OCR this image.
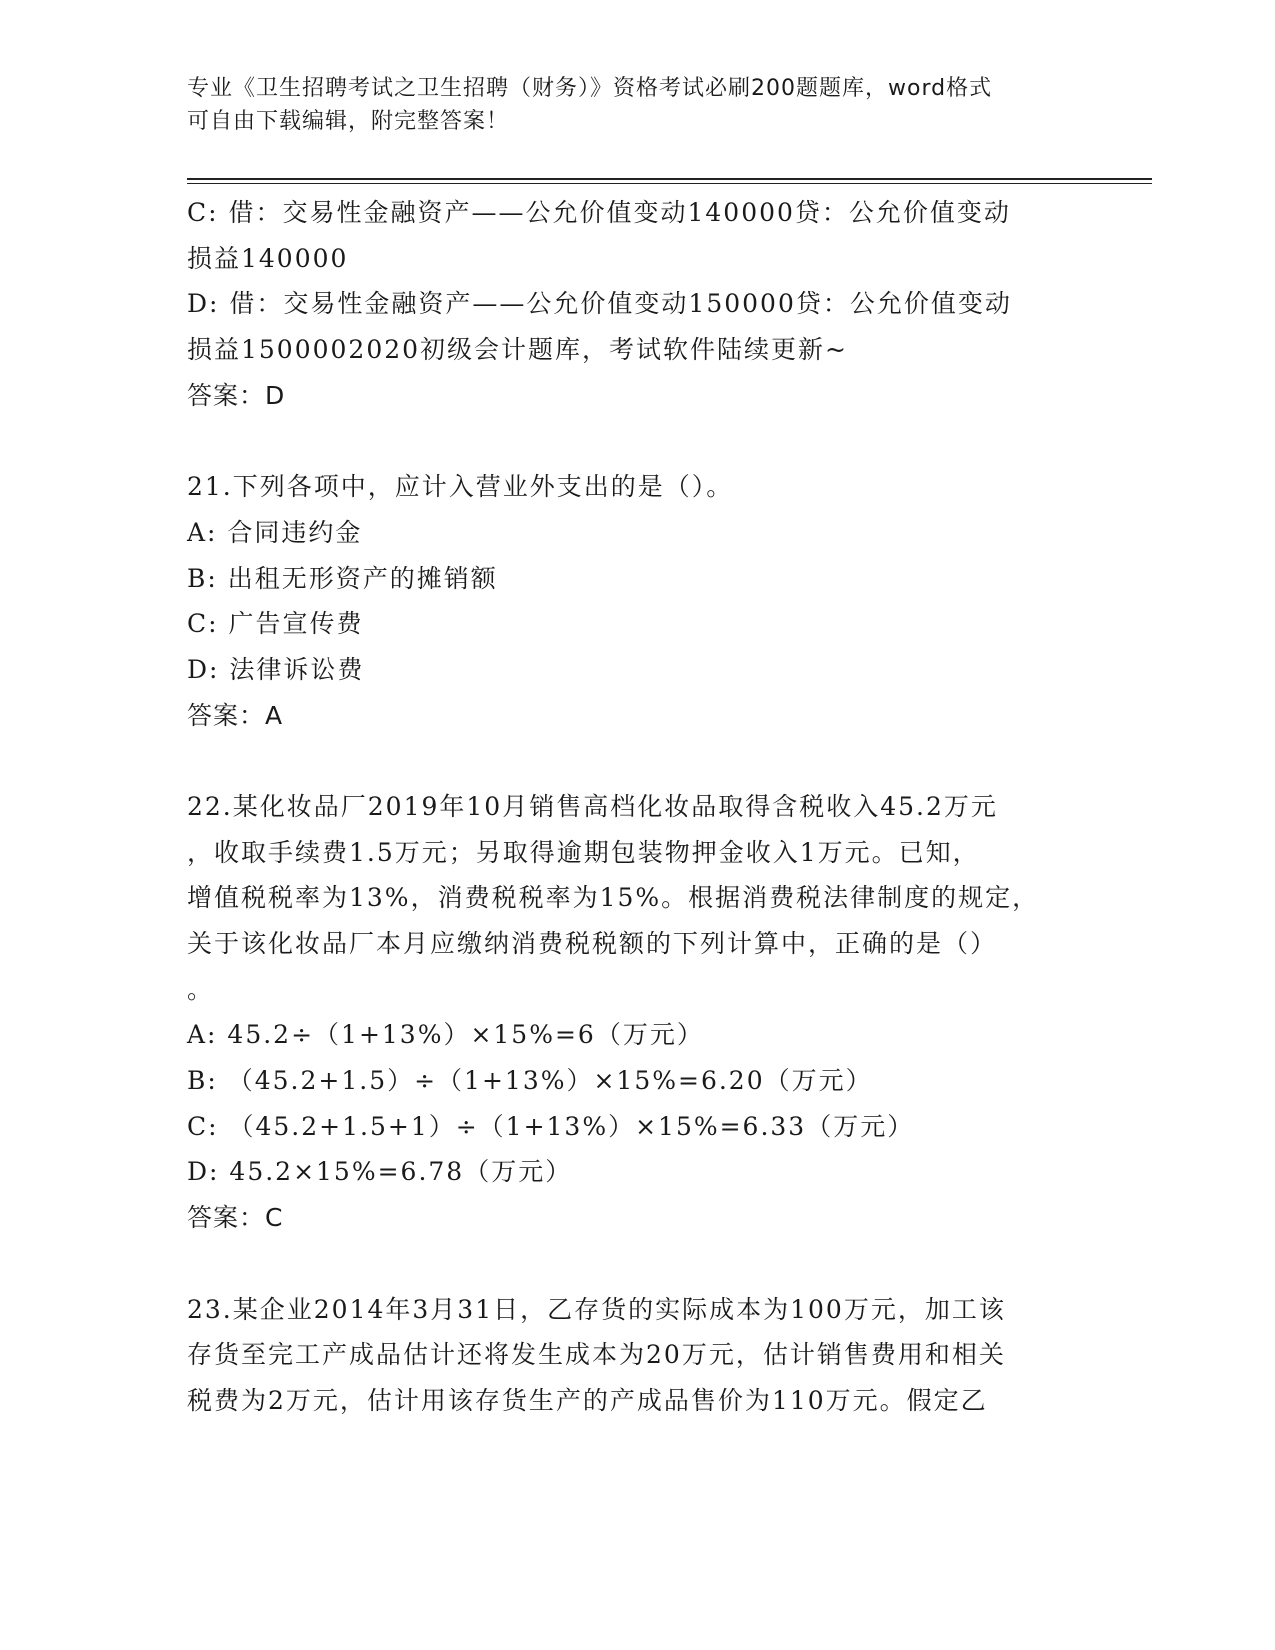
专业《卫生招聘考试之卫生招聘（财务）》资格考试必刷200题题库，word格式
可自由下载编辑，附完整答案！
C: 借：交易性金融资产——公允价值变动140000贷：公允价值变动
损益140000
D: 借：交易性金融资产——公允价值变动150000贷：公允价值变动
损益1500002020初级会计题库，考试软件陆续更新~
答案：D
21.下列各项中，应计入营业外支出的是（）。
A: 合同违约金
B: 出租无形资产的摊销额
C: 广告宣传费
D: 法律诉讼费
答案：A
22.某化妆品厂2019年10月销售高档化妆品取得含税收入45.2万元
，收取手续费1.5万元；另取得逾期包装物押金收入1万元。已知，
增值税税率为13%，消费税税率为15%。根据消费税法律制度的规定，
关于该化妆品厂本月应缴纳消费税税额的下列计算中，正确的是（）
。
A: 45.2÷（1+13%）×15%=6（万元）
B: （45.2+1.5）÷（1+13%）×15%=6.20（万元）
C: （45.2+1.5+1）÷（1+13%）×15%=6.33（万元）
D: 45.2×15%=6.78（万元）
答案：C
23.某企业2014年3月31日，乙存货的实际成本为100万元，加工该
存货至完工产成品估计还将发生成本为20万元，估计销售费用和相关
税费为2万元，估计用该存货生产的产成品售价为110万元。假定乙
